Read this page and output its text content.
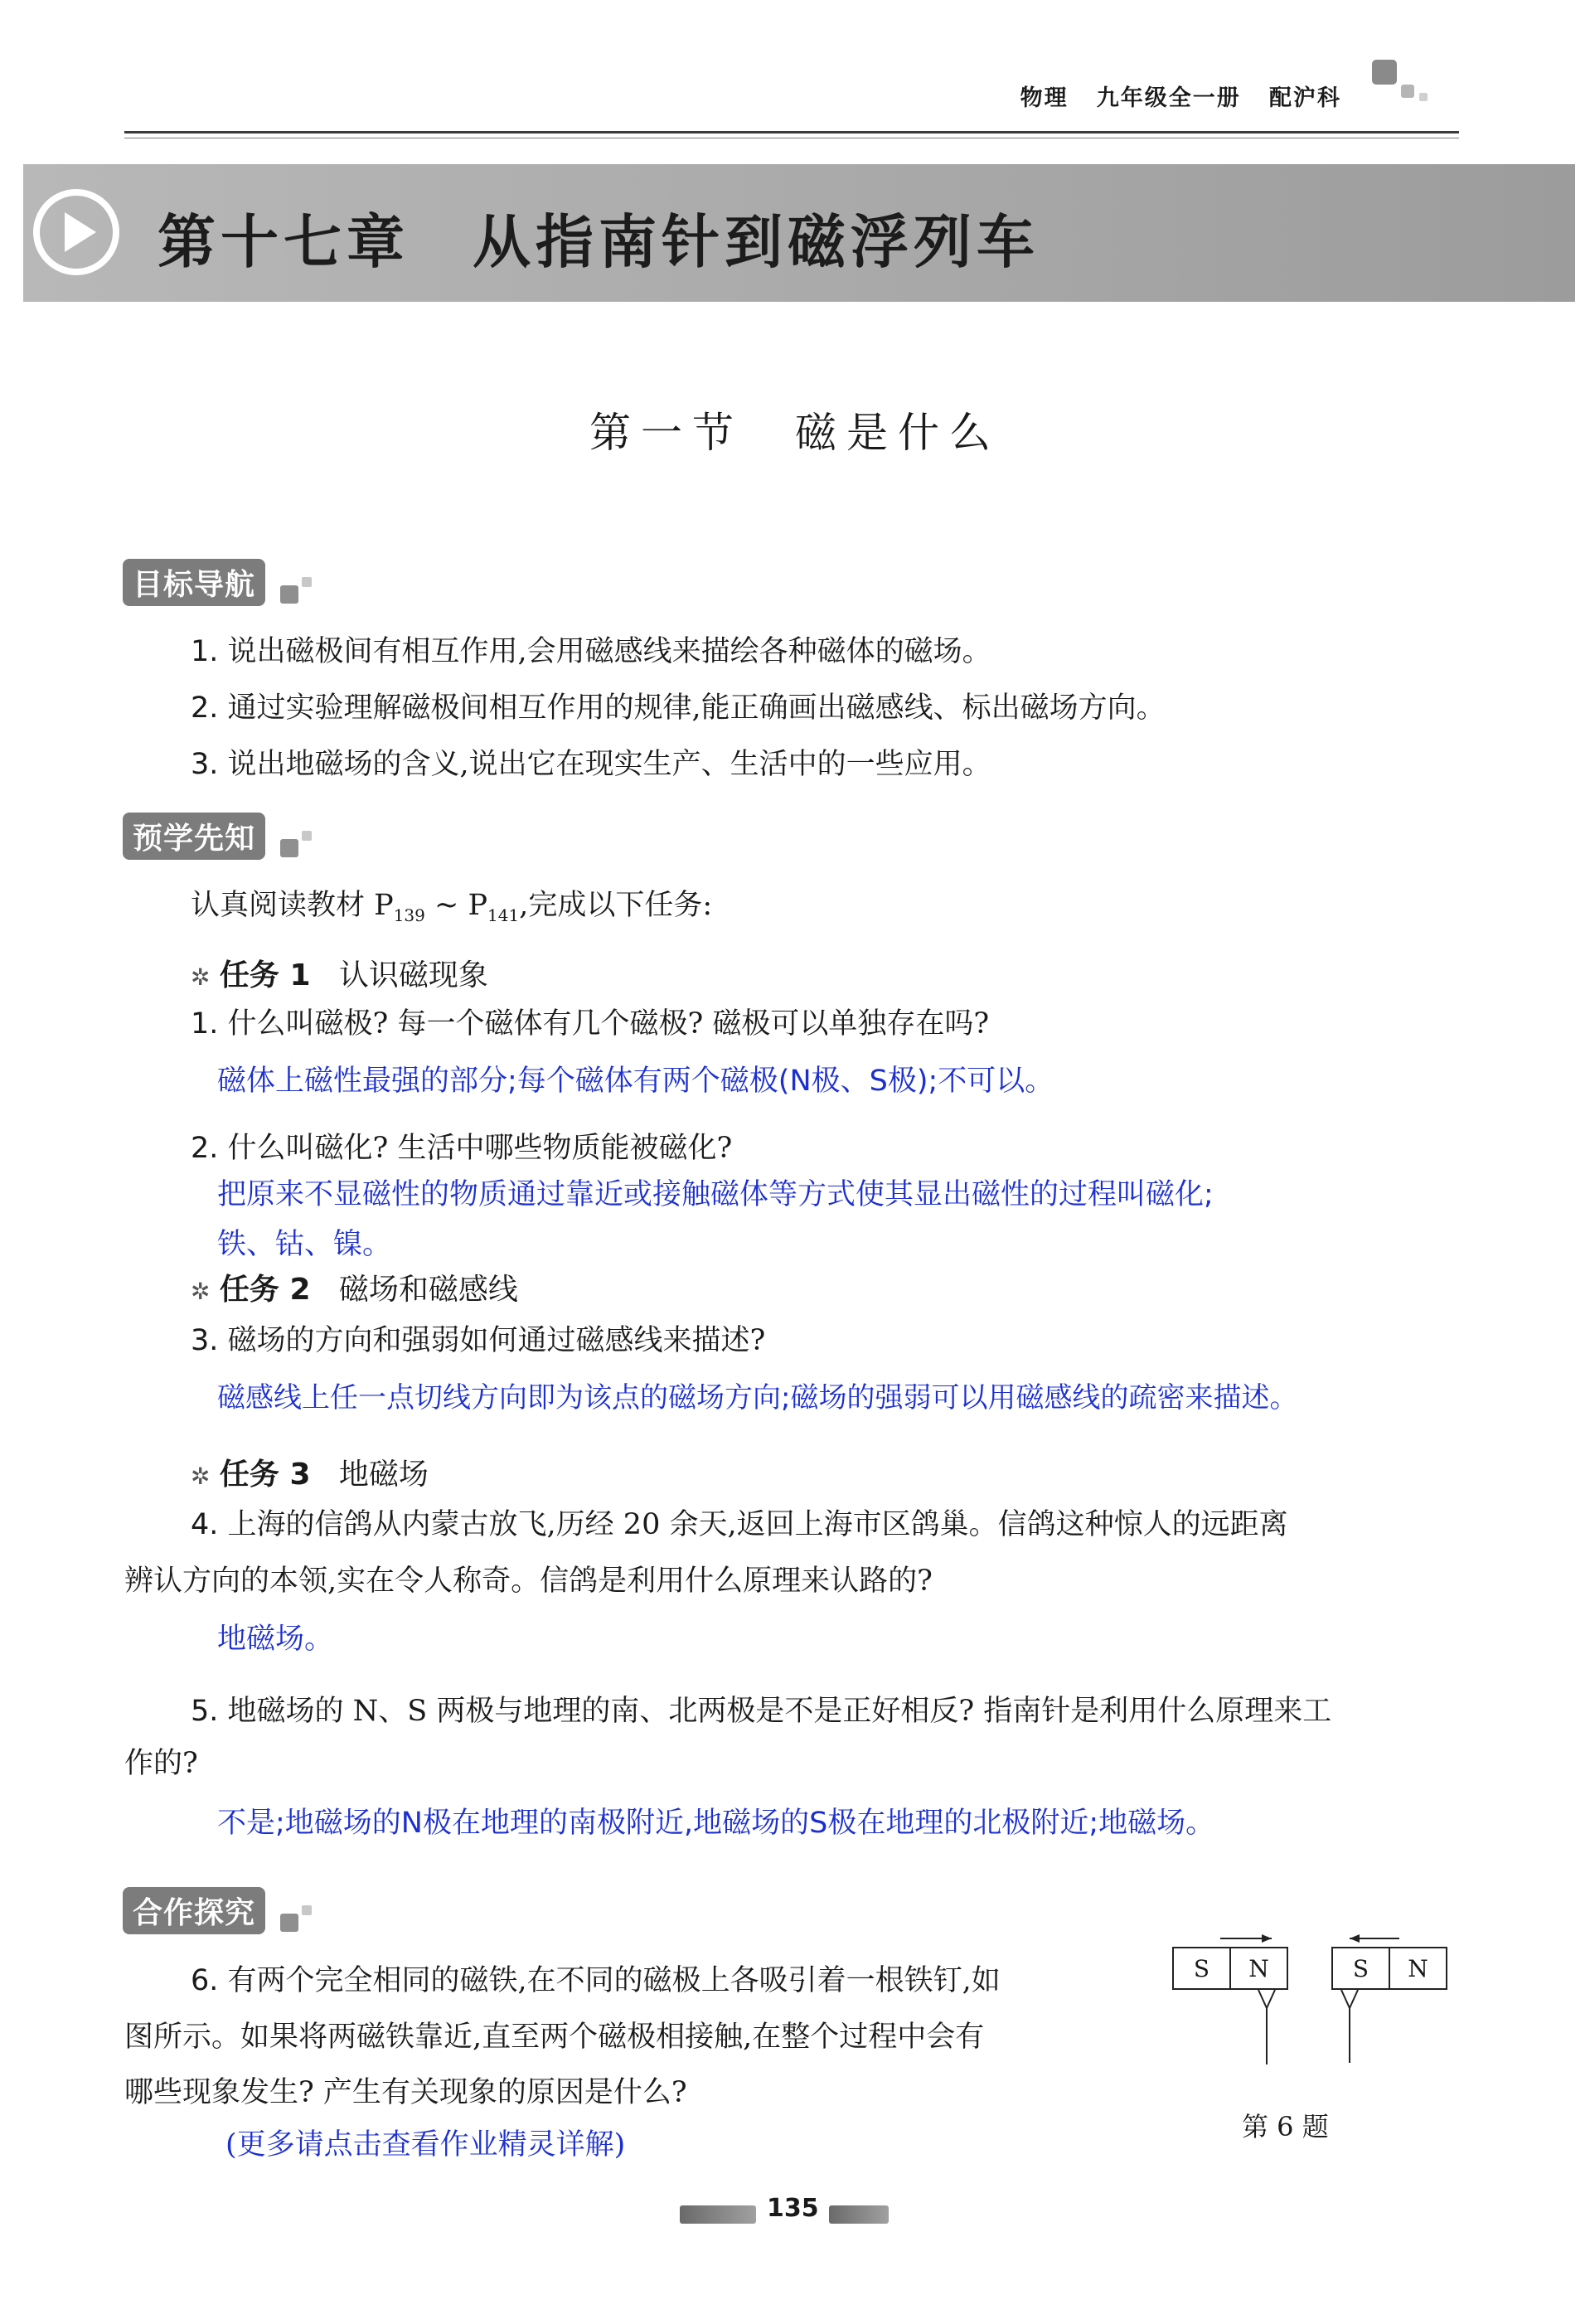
物理 九年级全一册 配沪科
第十七章　从指南针到磁浮列车
第一节　磁是什么
目标导航
1. 说出磁极间有相互作用,会用磁感线来描绘各种磁体的磁场。
2. 通过实验理解磁极间相互作用的规律,能正确画出磁感线、标出磁场方向。
3. 说出地磁场的含义,说出它在现实生产、生活中的一些应用。
预学先知
认真阅读教材 $P_{139}$ ~ $P_{141}$,完成以下任务:
✲ 任务 1 认识磁现象
1. 什么叫磁极? 每一个磁体有几个磁极? 磁极可以单独存在吗?
磁体上磁性最强的部分;每个磁体有两个磁极(N极、S极);不可以。
2. 什么叫磁化? 生活中哪些物质能被磁化?
把原来不显磁性的物质通过靠近或接触磁体等方式使其显出磁性的过程叫磁化;
铁、钴、镍。
✲ 任务 2 磁场和磁感线
3. 磁场的方向和强弱如何通过磁感线来描述?
磁感线上任一点切线方向即为该点的磁场方向;磁场的强弱可以用磁感线的疏密来描述。
✲ 任务 3 地磁场
4. 上海的信鸽从内蒙古放飞,历经 20 余天,返回上海市区鸽巢。信鸽这种惊人的远距离
辨认方向的本领,实在令人称奇。信鸽是利用什么原理来认路的?
地磁场。
5. 地磁场的 N、S 两极与地理的南、北两极是不是正好相反? 指南针是利用什么原理来工
作的?
不是;地磁场的N极在地理的南极附近,地磁场的S极在地理的北极附近;地磁场。
合作探究
6. 有两个完全相同的磁铁,在不同的磁极上各吸引着一根铁钉,如
图所示。如果将两磁铁靠近,直至两个磁极相接触,在整个过程中会有
哪些现象发生? 产生有关现象的原因是什么?
(更多请点击查看作业精灵详解)
S	N	S	N
第 6 题
135
